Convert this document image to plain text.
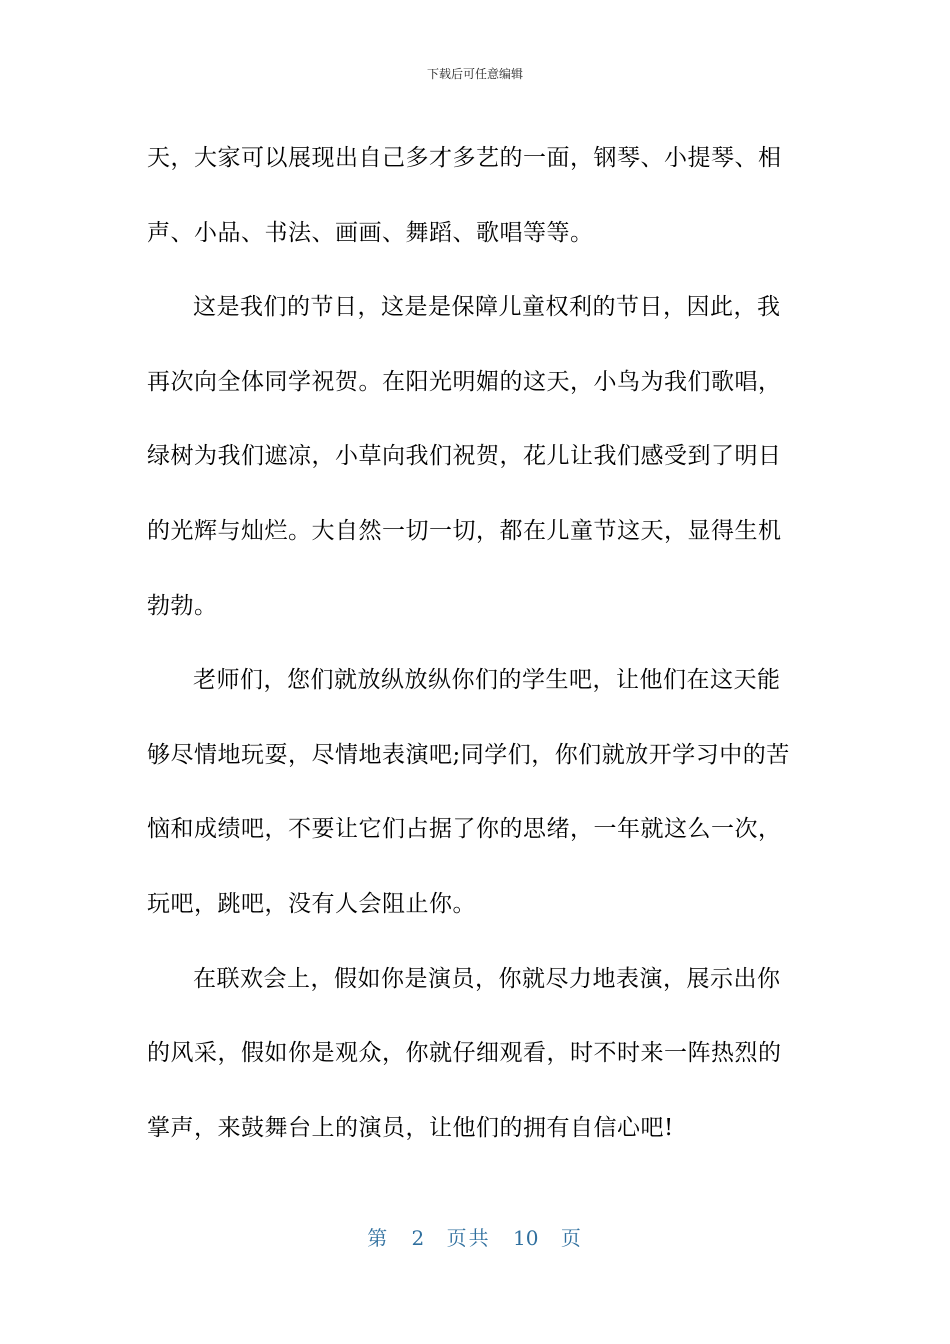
下载后可任意编辑
天，大家可以展现出自己多才多艺的一面，钢琴、小提琴、相
声、小品、书法、画画、舞蹈、歌唱等等。
这是我们的节日，这是是保障儿童权利的节日，因此，我
再次向全体同学祝贺。在阳光明媚的这天，小鸟为我们歌唱，
绿树为我们遮凉，小草向我们祝贺，花儿让我们感受到了明日
的光辉与灿烂。大自然一切一切，都在儿童节这天，显得生机
勃勃。
老师们，您们就放纵放纵你们的学生吧，让他们在这天能
够尽情地玩耍，尽情地表演吧;同学们，你们就放开学习中的苦
恼和成绩吧，不要让它们占据了你的思绪，一年就这么一次，
玩吧，跳吧，没有人会阻止你。
在联欢会上，假如你是演员，你就尽力地表演，展示出你
的风采，假如你是观众，你就仔细观看，时不时来一阵热烈的
掌声，来鼓舞台上的演员，让他们的拥有自信心吧!
第 2 页共 10 页
